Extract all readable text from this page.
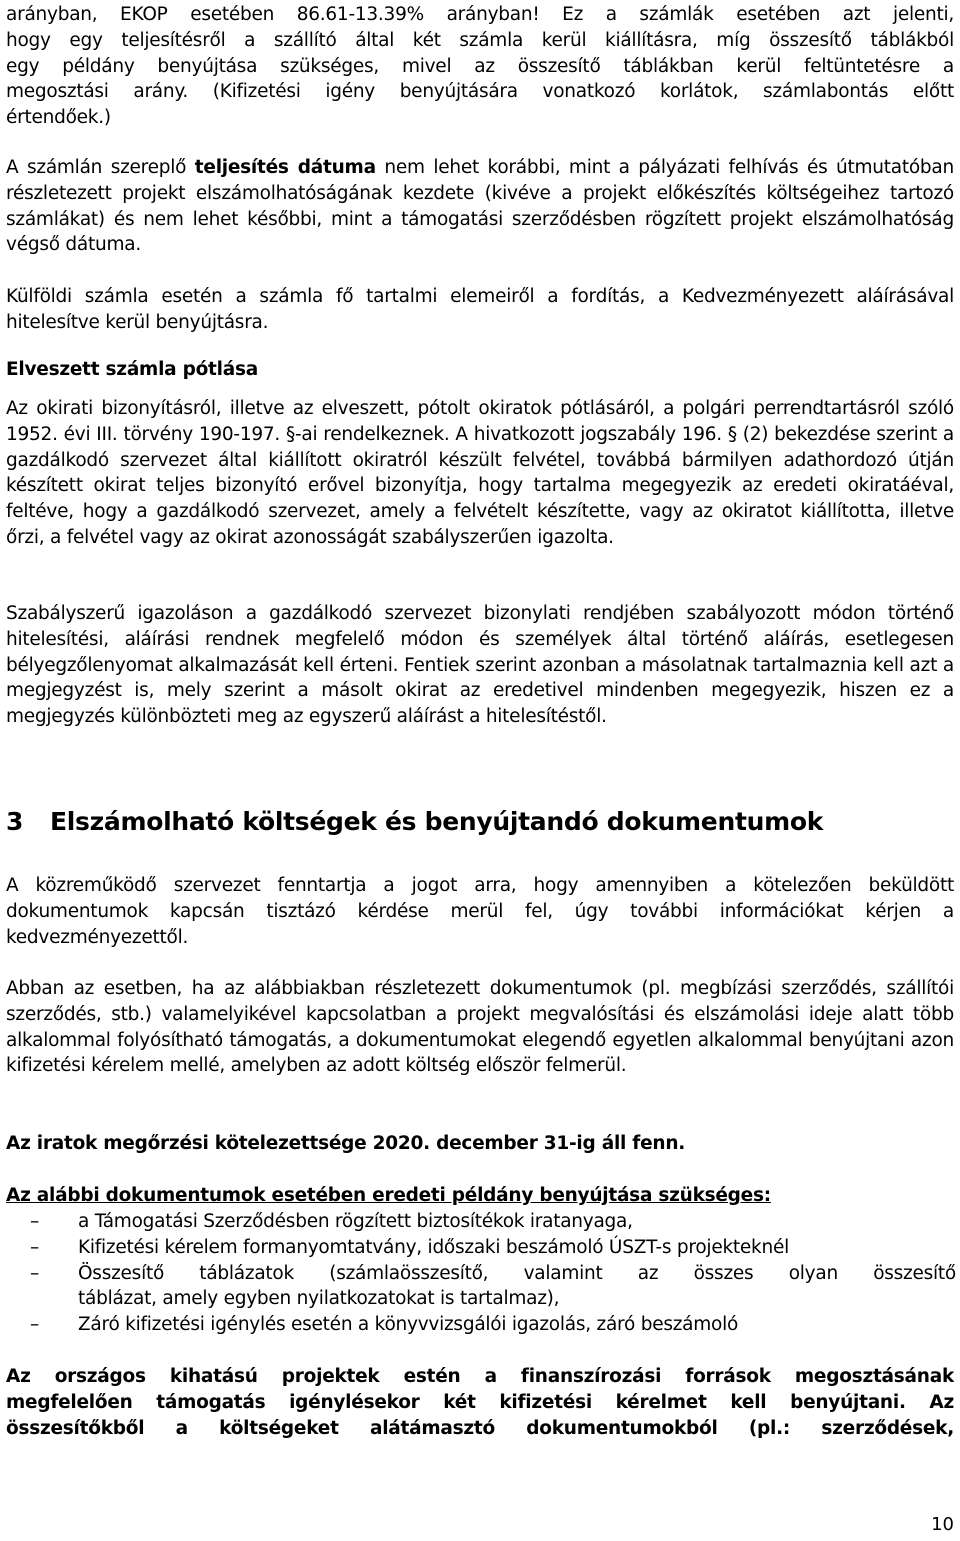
arányban, EKOP esetében 86.61-13.39% arányban! Ez a számlák esetében azt jelenti,
hogy egy teljesítésről a szállító által két számla kerül kiállításra, míg összesítő táblákból
egy példány benyújtása szükséges, mivel az összesítő táblákban kerül feltüntetésre a
megosztási arány. (Kifizetési igény benyújtására vonatkozó korlátok, számlabontás előtt
értendőek.)

A számlán szereplő teljesítés dátuma nem lehet korábbi, mint a pályázati felhívás és útmutatóban részletezett projekt elszámolhatóságának kezdete (kivéve a projekt előkészítés költségeihez tartozó számlákat) és nem lehet későbbi, mint a támogatási szerződésben rögzített projekt elszámolhatóság végső dátuma.

Külföldi számla esetén a számla fő tartalmi elemeiről a fordítás, a Kedvezményezett aláírásával hitelesítve kerül benyújtásra.

Elveszett számla pótlása

Az okirati bizonyításról, illetve az elveszett, pótolt okiratok pótlásáról, a polgári perrendtartásról szóló 1952. évi III. törvény 190-197. §-ai rendelkeznek. A hivatkozott jogszabály 196. § (2) bekezdése szerint a gazdálkodó szervezet által kiállított okiratról készült felvétel, továbbá bármilyen adathordozó útján készített okirat teljes bizonyító erővel bizonyítja, hogy tartalma megegyezik az eredeti okiratáéval, feltéve, hogy a gazdálkodó szervezet, amely a felvételt készítette, vagy az okiratot kiállította, illetve őrzi, a felvétel vagy az okirat azonosságát szabályszerűen igazolta.

Szabályszerű igazoláson a gazdálkodó szervezet bizonylati rendjében szabályozott módon történő hitelesítési, aláírási rendnek megfelelő módon és személyek által történő aláírás, esetlegesen bélyegzőlenyomat alkalmazását kell érteni. Fentiek szerint azonban a másolatnak tartalmaznia kell azt a megjegyzést is, mely szerint a másolt okirat az eredetivel mindenben megegyezik, hiszen ez a megjegyzés különbözteti meg az egyszerű aláírást a hitelesítéstől.

3 Elszámolható költségek és benyújtandó dokumentumok

A közreműködő szervezet fenntartja a jogot arra, hogy amennyiben a kötelezően beküldött dokumentumok kapcsán tisztázó kérdése merül fel, úgy további információkat kérjen a kedvezményezettől.

Abban az esetben, ha az alábbiakban részletezett dokumentumok (pl. megbízási szerződés, szállítói szerződés, stb.) valamelyikével kapcsolatban a projekt megvalósítási és elszámolási ideje alatt több alkalommal folyósítható támogatás, a dokumentumokat elegendő egyetlen alkalommal benyújtani azon kifizetési kérelem mellé, amelyben az adott költség először felmerül.

Az iratok megőrzési kötelezettsége 2020. december 31-ig áll fenn.

Az alábbi dokumentumok esetében eredeti példány benyújtása szükséges:

– a Támogatási Szerződésben rögzített biztosítékok iratanyaga,
– Kifizetési kérelem formanyomtatvány, időszaki beszámoló ÚSZT-s projekteknél
– Összesítő táblázatok (számlaösszesítő, valamint az összes olyan összesítő
táblázat, amely egyben nyilatkozatokat is tartalmaz),
– Záró kifizetési igénylés esetén a könyvvizsgálói igazolás, záró beszámoló
Az országos kihatású projektek estén a finanszírozási források megosztásának
megfelelően támogatás igénylésekor két kifizetési kérelmet kell benyújtani. Az
összesítőkből a költségeket alátámasztó dokumentumokból (pl.: szerződések,
10
